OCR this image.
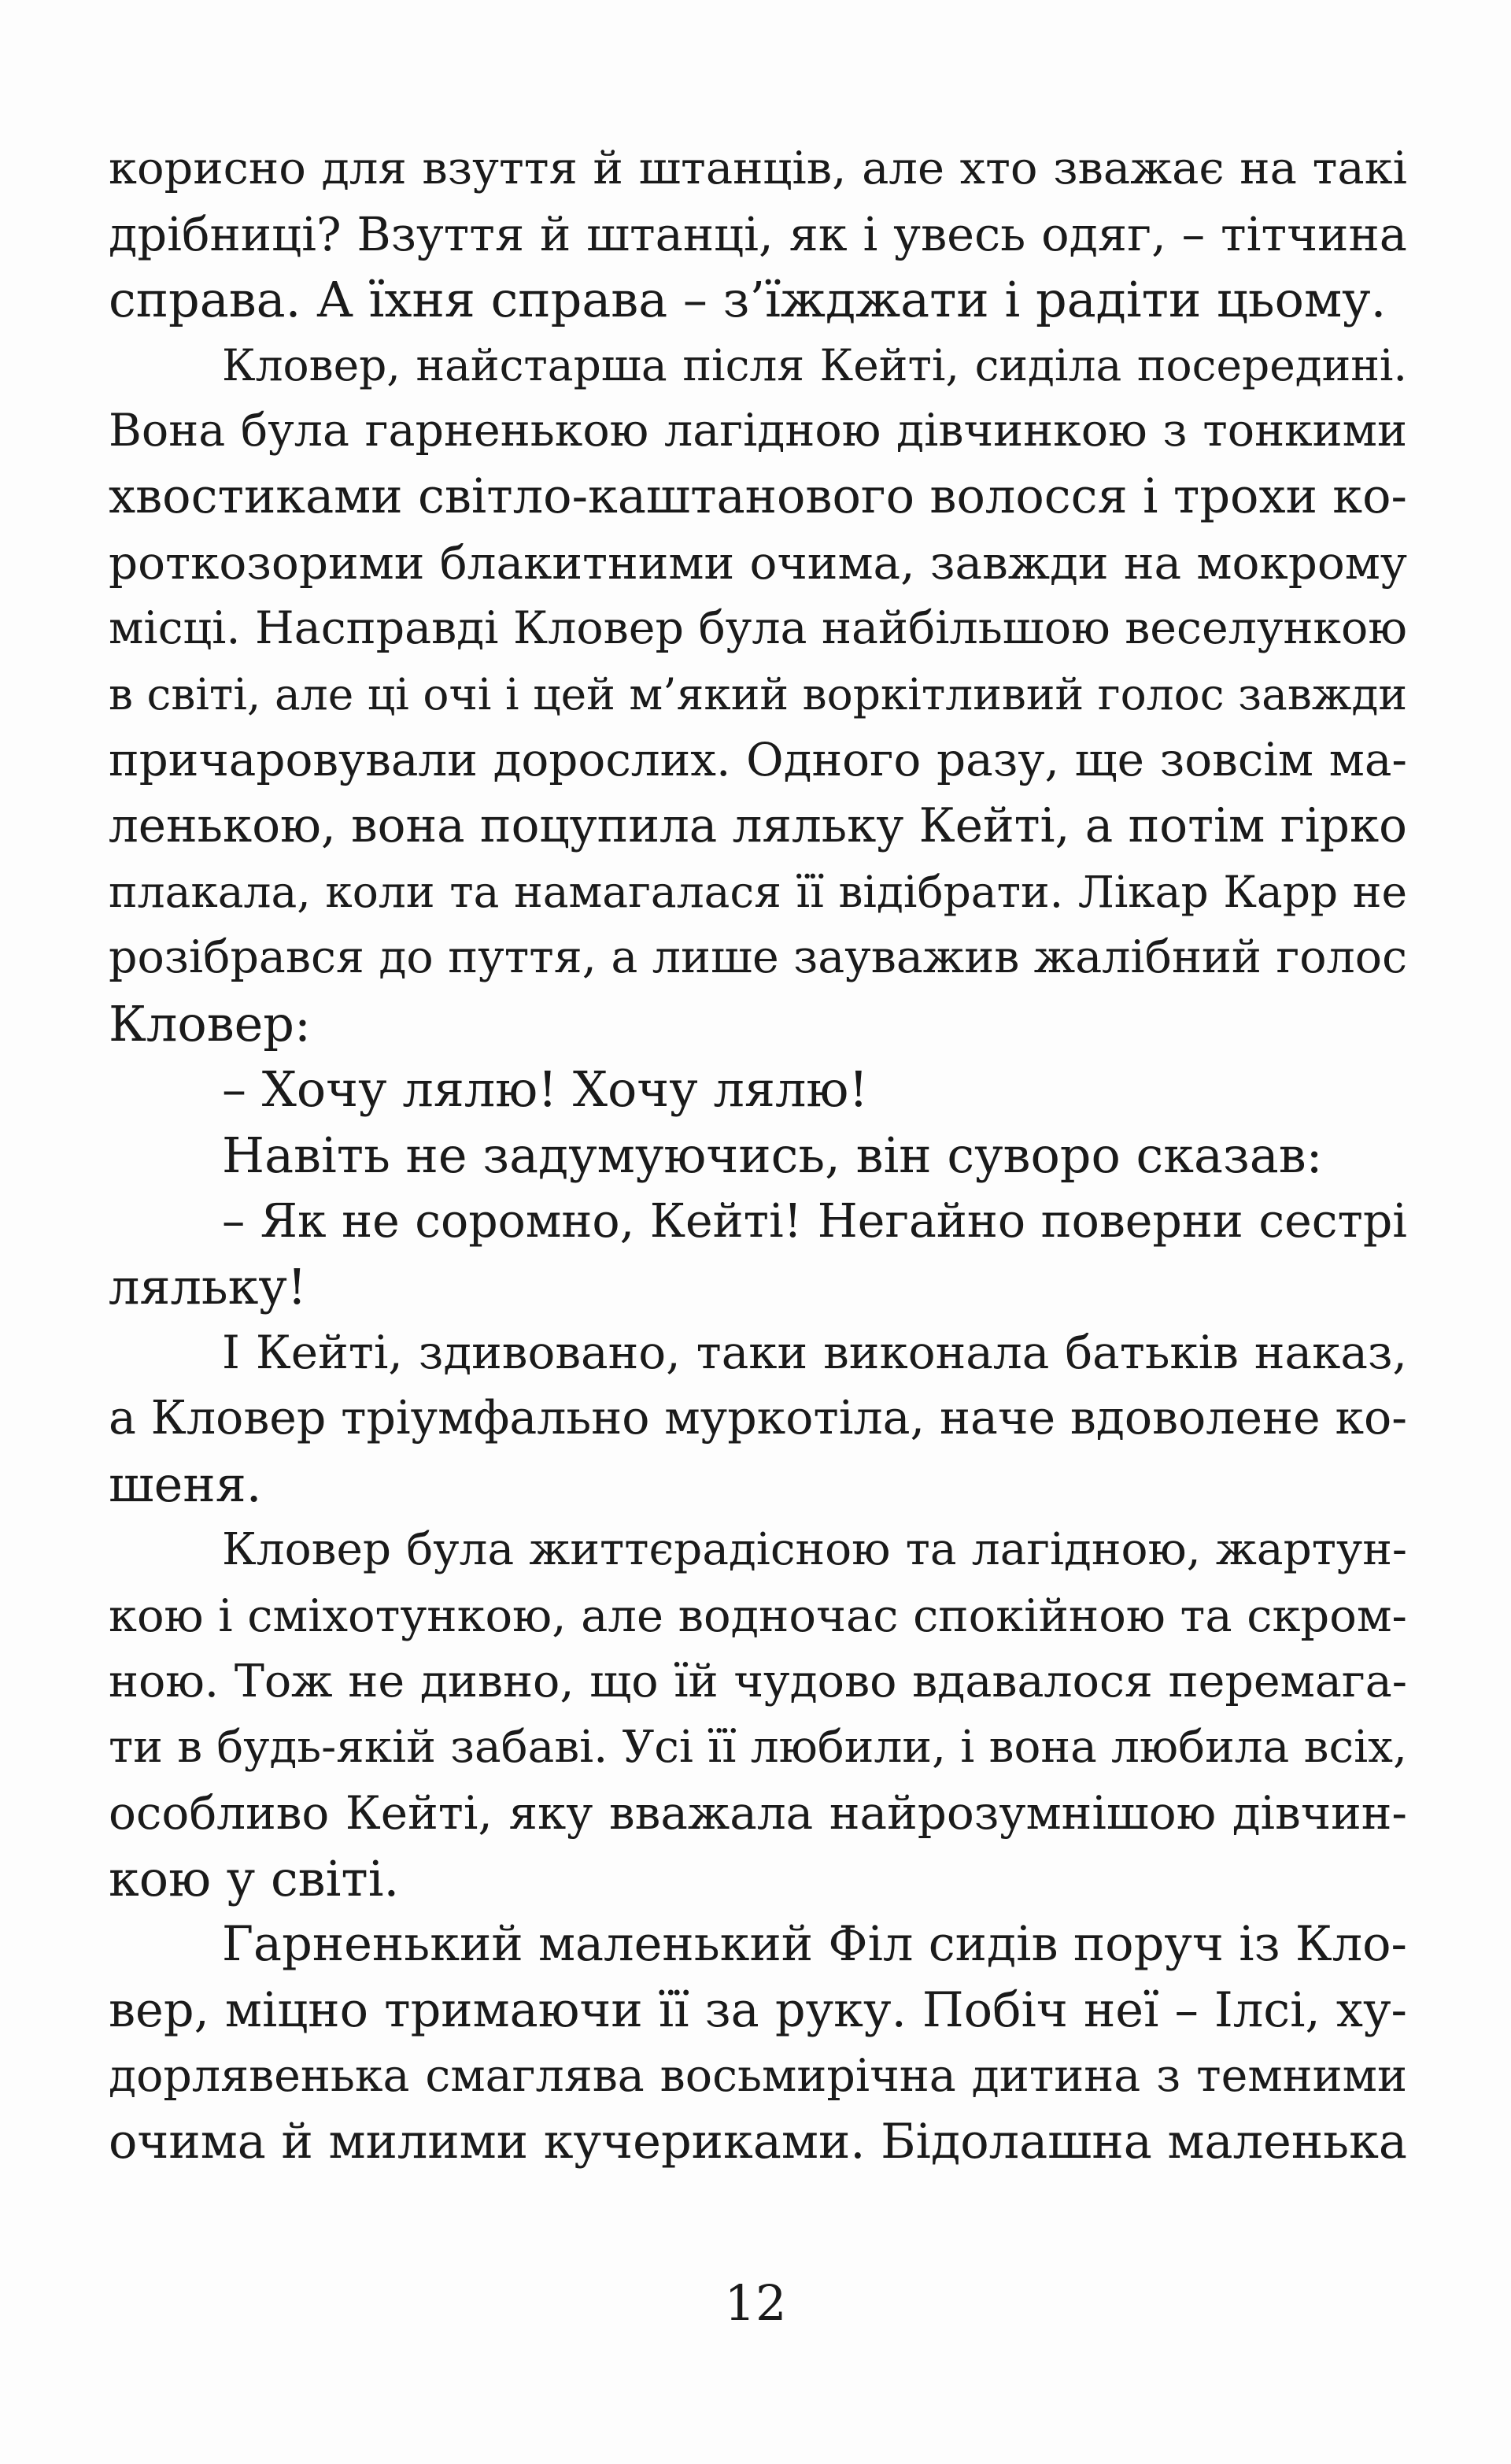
корисно для взуття й штанців, але хто зважає на такі
дрібниці? Взуття й штанці, як і увесь одяг, – тітчина
справа. А їхня справа – з’їжджати і радіти цьому.
Кловер, найстарша після Кейті, сиділа посередині.
Вона була гарненькою лагідною дівчинкою з тонкими
хвостиками світло-каштанового волосся і трохи ко-
роткозорими блакитними очима, завжди на мокрому
місці. Насправді Кловер була найбільшою веселункою
в світі, але ці очі і цей м’який воркітливий голос завжди
причаровували дорослих. Одного разу, ще зовсім ма-
ленькою, вона поцупила ляльку Кейті, а потім гірко
плакала, коли та намагалася її відібрати. Лікар Карр не
розібрався до пуття, а лише зауважив жалібний голос
Кловер:
– Хочу лялю! Хочу лялю!
Навіть не задумуючись, він суворо сказав:
– Як не соромно, Кейті! Негайно поверни сестрі
ляльку!
І Кейті, здивовано, таки виконала батьків наказ,
а Кловер тріумфально муркотіла, наче вдоволене ко-
шеня.
Кловер була життєрадісною та лагідною, жартун-
кою і сміхотункою, але водночас спокійною та скром-
ною. Тож не дивно, що їй чудово вдавалося перемага-
ти в будь-якій забаві. Усі її любили, і вона любила всіх,
особливо Кейті, яку вважала найрозумнішою дівчин-
кою у світі.
Гарненький маленький Філ сидів поруч із Кло-
вер, міцно тримаючи її за руку. Побіч неї – Ілсі, ху-
дорлявенька смаглява восьмирічна дитина з темними
очима й милими кучериками. Бідолашна маленька
12
